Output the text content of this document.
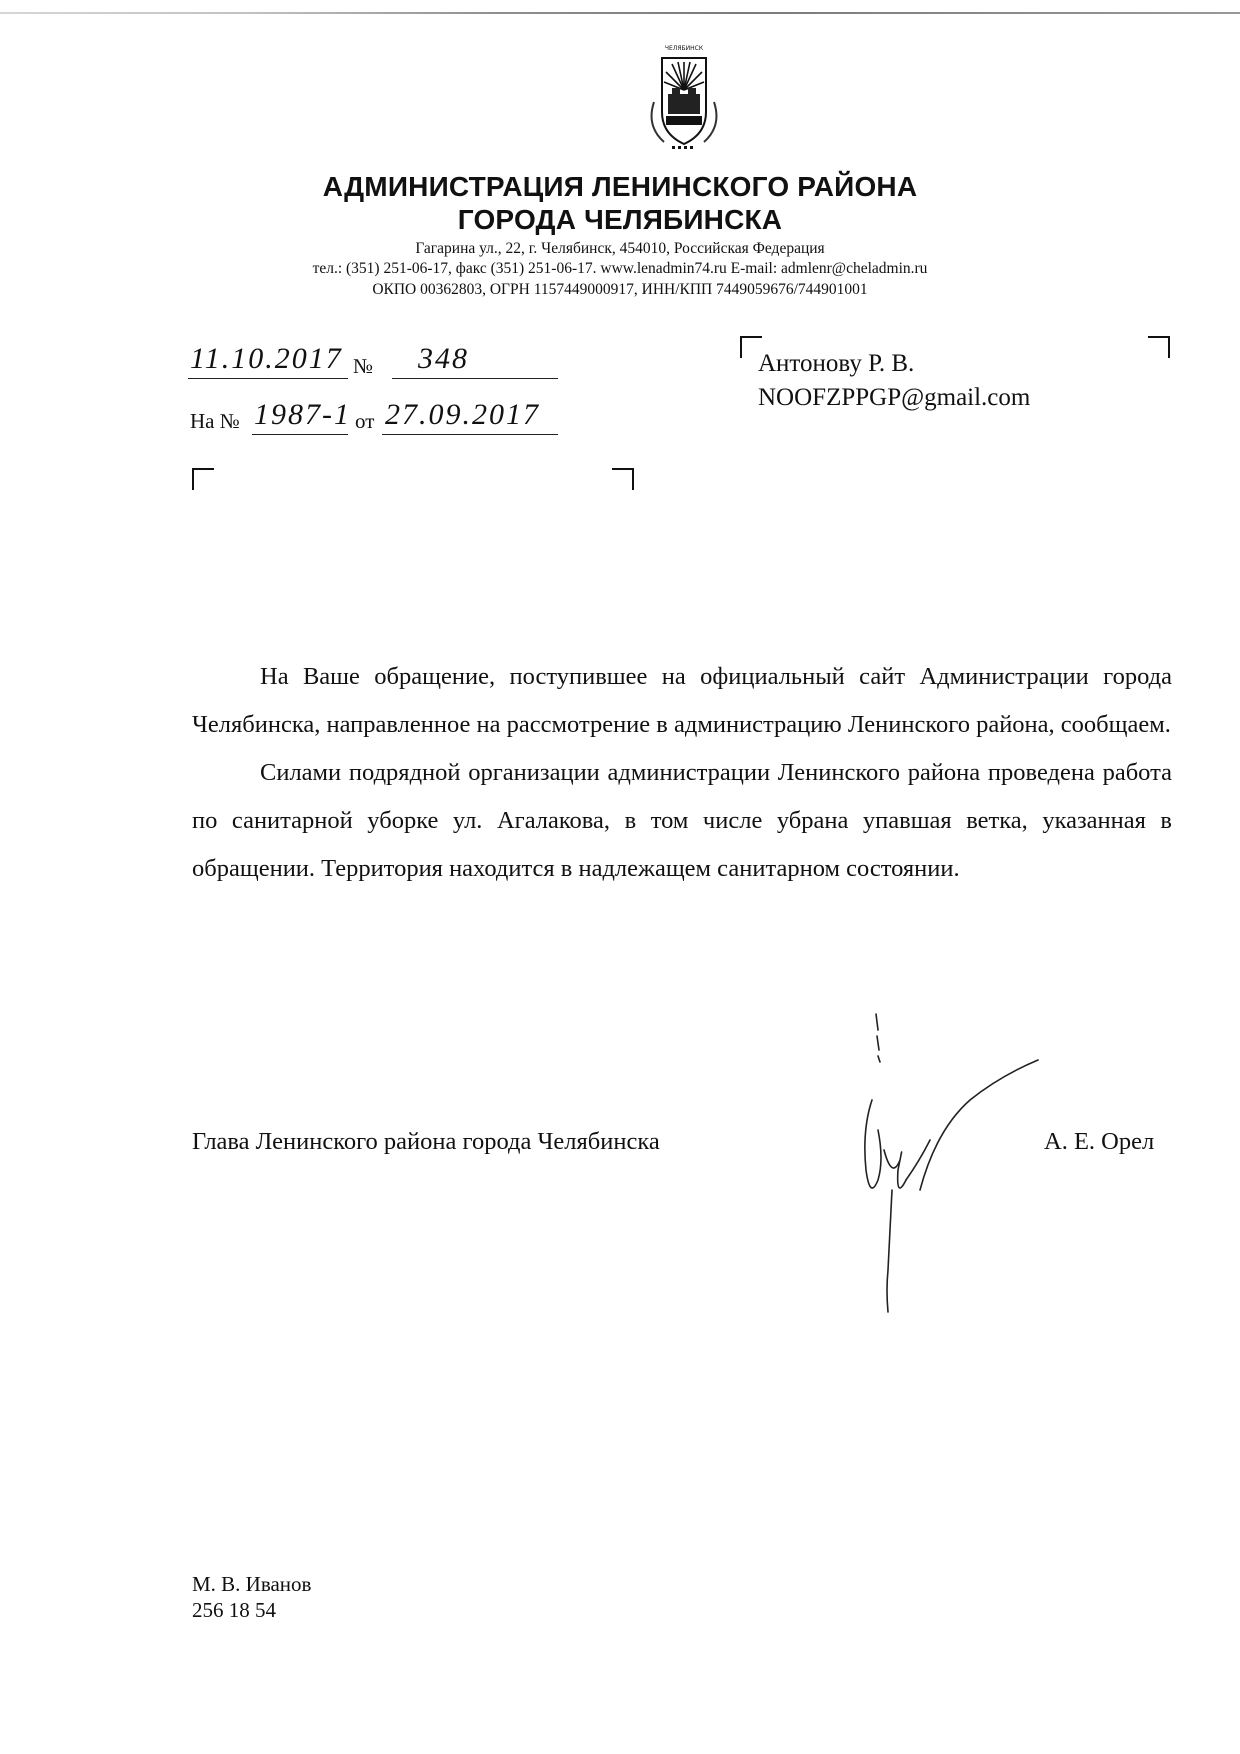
ЧЕЛЯБИНСК
АДМИНИСТРАЦИЯ ЛЕНИНСКОГО РАЙОНА
ГОРОДА ЧЕЛЯБИНСКА
Гагарина ул., 22, г. Челябинск, 454010, Российская Федерация
тел.: (351) 251-06-17, факс (351) 251-06-17. www.lenadmin74.ru E-mail: admlenr@cheladmin.ru
ОКПО 00362803, ОГРН 1157449000917, ИНН/КПП 7449059676/744901001
11.10.2017 № 348
На № 1987-1 от 27.09.2017
Антонову Р. В.
NOOFZPPGP@gmail.com

На Ваше обращение, поступившее на официальный сайт Администрации города Челябинска, направленное на рассмотрение в администрацию Ленинского района, сообщаем.

Силами подрядной организации администрации Ленинского района проведена работа по санитарной уборке ул. Агалакова, в том числе убрана упавшая ветка, указанная в обращении. Территория находится в надлежащем санитарном состоянии.

Глава Ленинского района города Челябинска	А. Е. Орел
М. В. Иванов
256 18 54
